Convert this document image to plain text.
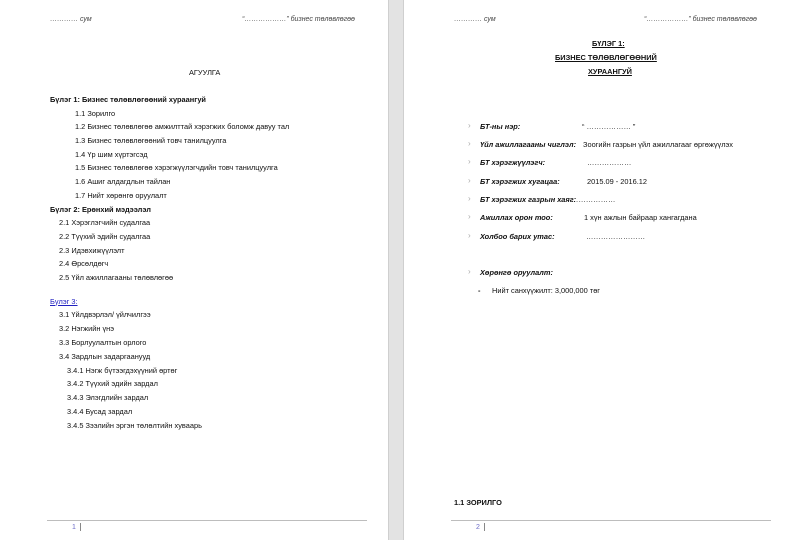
………… сум	“………………” бизнес төлөвлөгөө
АГУУЛГА
Бүлэг 1: Бизнес төлөвлөгөөний хураангуй
1.1 Зорилго
1.2 Бизнес төлөвлөгөө амжилттай хэрэгжих боломж давуу тал
1.3 Бизнес төлөвлөгөөний товч танилцуулга
1.4 Үр шим хүртэгсэд
1.5 Бизнес төлөвлөгөө хэрэгжүүлэгчдийн товч танилцуулга
1.6 Ашиг алдагдлын тайлан
1.7 Нийт хөрөнгө оруулалт
Бүлэг 2: Ерөнхий мэдээлэл
2.1 Хэрэглэгчийн судалгаа
2.2 Түүхий эдийн судалгаа
2.3 Идэвхижүүлэлт
2.4 Өрсөлдөгч
2.5 Үйл ажиллагааны төлөвлөгөө
Бүлэг 3:
3.1 Үйлдвэрлэл/ үйлчилгээ
3.2 Нэгжийн үнэ
3.3 Борлуулалтын орлого
3.4 Зардлын задаргаанууд
3.4.1 Нэгж бүтээгдэхүүний өртөг
3.4.2 Түүхий эдийн зардал
3.4.3 Элэгдлийн зардал
3.4.4 Бусад зардал
3.4.5 Зээлийн эргэн төлөлтийн хуваарь
1
………… сум	“………………” бизнес төлөвлөгөө
БҮЛЭГ 1:
БИЗНЕС ТӨЛӨВЛӨГӨӨНИЙ
ХУРААНГУЙ
› БТ-ны нэр:	“ ……………… ”
› Үйл ажиллагааны чиглэл: Зоогийн газрын үйл ажиллагааг өргөжүүлэх
› БТ хэрэгжүүлэгч:	………………
› БТ хэрэгжих хугацаа:	2015.09 - 2016.12
› БТ хэрэгжих газрын хаяг:
………………
› Ажиллах орон тоо:	1 хүн ажлын байраар хангагдана
› Холбоо барих утас:	……………………
› Хөрөнгө оруулалт:
- Нийт санхүүжилт: 3,000,000 төг
1.1 ЗОРИЛГО
2
